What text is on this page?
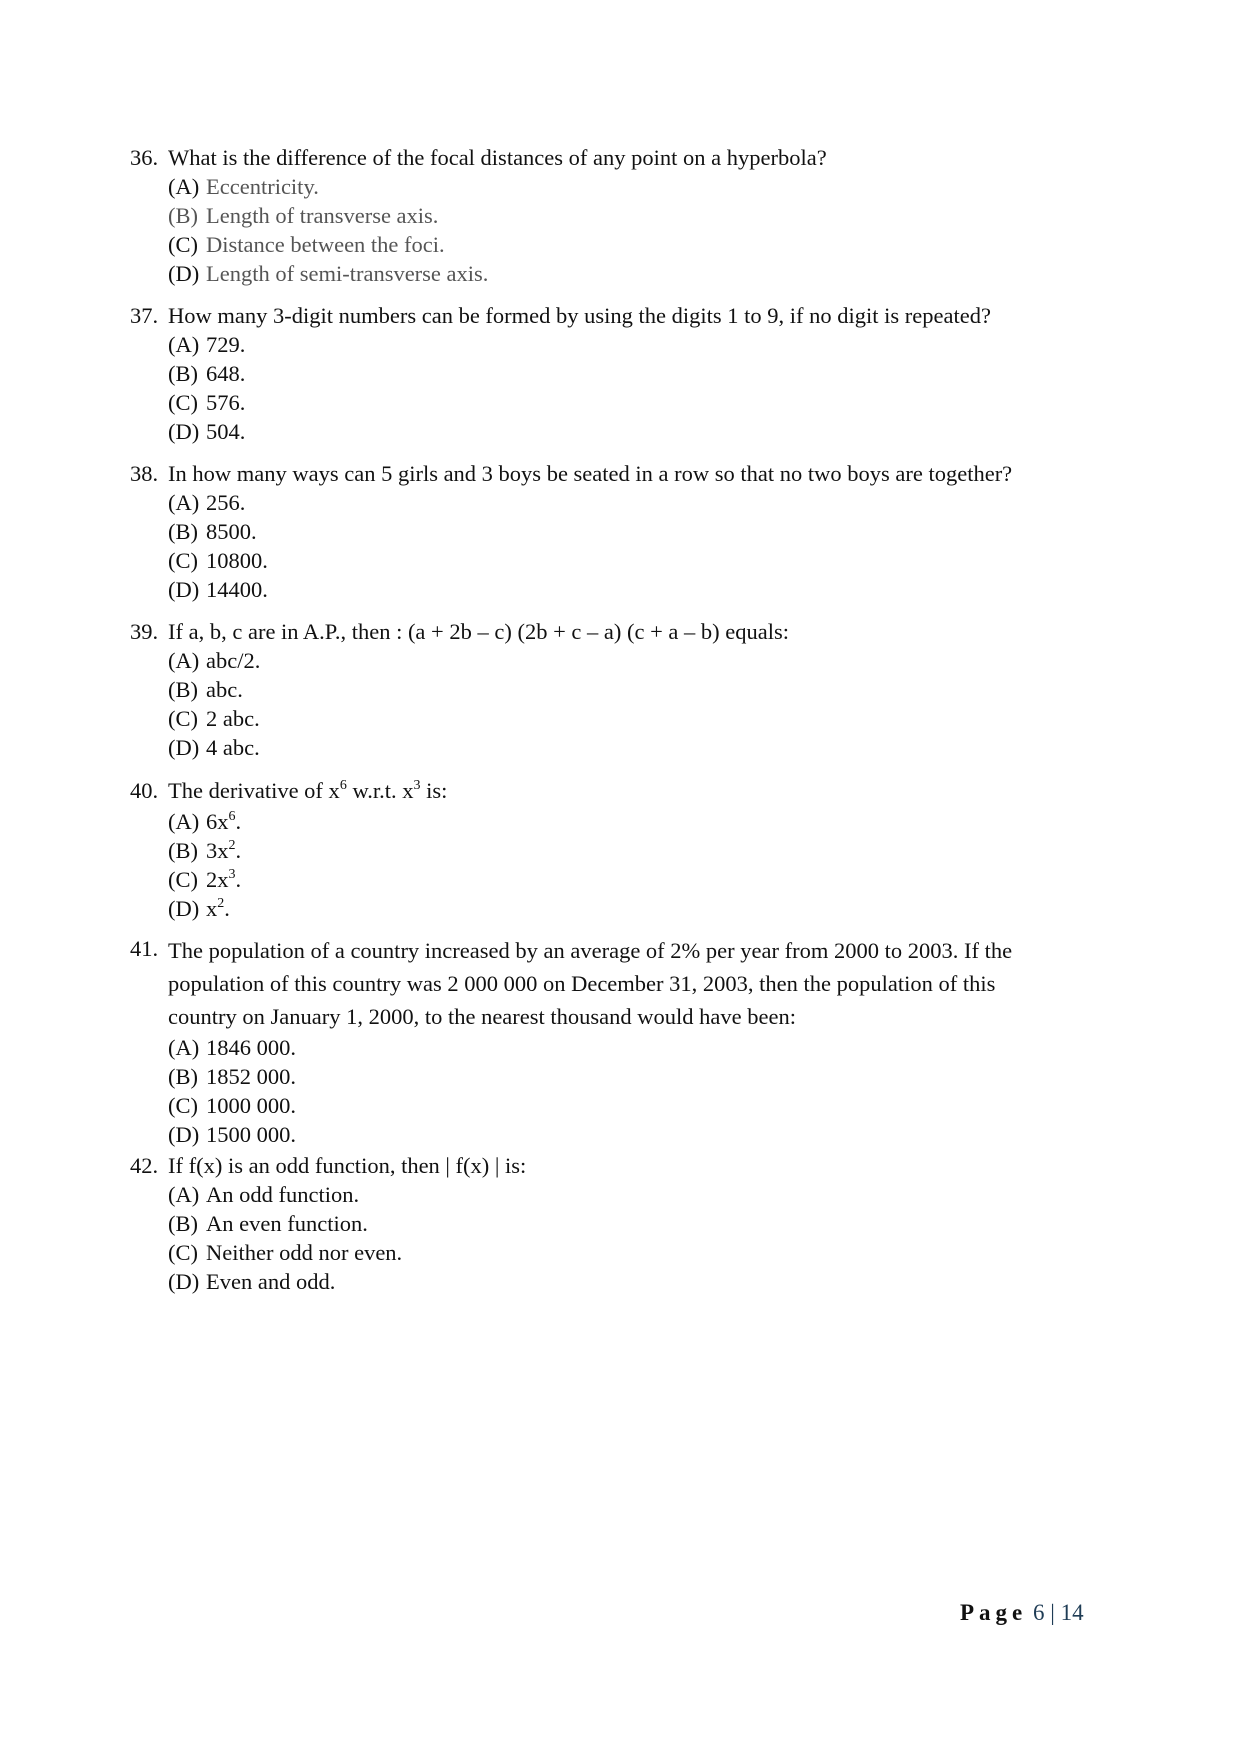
36. What is the difference of the focal distances of any point on a hyperbola?
(A) Eccentricity.
(B) Length of transverse axis.
(C) Distance between the foci.
(D) Length of semi-transverse axis.
37. How many 3-digit numbers can be formed by using the digits 1 to 9, if no digit is repeated?
(A) 729.
(B) 648.
(C) 576.
(D) 504.
38. In how many ways can 5 girls and 3 boys be seated in a row so that no two boys are together?
(A) 256.
(B) 8500.
(C) 10800.
(D) 14400.
39. If a, b, c are in A.P., then : (a + 2b – c) (2b + c – a) (c + a – b) equals:
(A) abc/2.
(B) abc.
(C) 2 abc.
(D) 4 abc.
40. The derivative of $x^6$ w.r.t. $x^3$ is:
(A) $6x^6$.
(B) $3x^2$.
(C) $2x^3$.
(D) $x^2$.
41. The population of a country increased by an average of 2% per year from 2000 to 2003. If the
population of this country was 2 000 000 on December 31, 2003, then the population of this
country on January 1, 2000, to the nearest thousand would have been:
(A) 1846 000.
(B) 1852 000.
(C) 1000 000.
(D) 1500 000.
42. If f(x) is an odd function, then | f(x) | is:
(A) An odd function.
(B) An even function.
(C) Neither odd nor even.
(D) Even and odd.
Page 6 | 14
